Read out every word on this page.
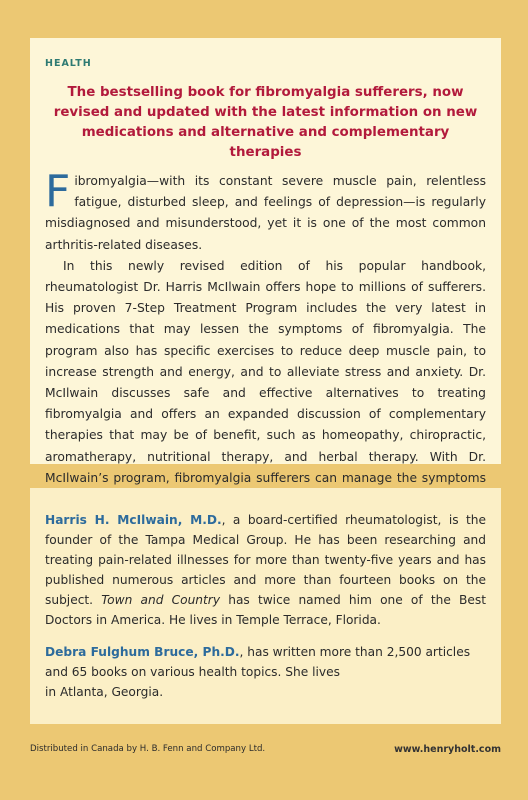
HEALTH
The bestselling book for fibromyalgia sufferers, now revised and updated with the latest information on new medications and alternative and complementary therapies

Fibromyalgia—with its constant severe muscle pain, relentless fatigue, disturbed sleep, and feelings of depression—is regularly misdiagnosed and misunderstood, yet it is one of the most common arthritis-related diseases.

In this newly revised edition of his popular handbook, rheumatologist Dr. Harris McIlwain offers hope to millions of sufferers. His proven 7-Step Treatment Program includes the very latest in medications that may lessen the symptoms of fibromyalgia. The program also has specific exercises to reduce deep muscle pain, to increase strength and energy, and to alleviate stress and anxiety. Dr. McIlwain discusses safe and effective alternatives to treating fibromyalgia and offers an expanded discussion of complementary therapies that may be of benefit, such as homeopathy, chiropractic, aromatherapy, nutritional therapy, and herbal therapy. With Dr. McIlwain’s program, fibromyalgia sufferers can manage the symptoms

Harris H. McIlwain, M.D., a board-certified rheumatologist, is the founder of the Tampa Medical Group. He has been researching and treating pain-related illnesses for more than twenty-five years and has published numerous articles and more than fourteen books on the subject. Town and Country has twice named him one of the Best Doctors in America. He lives in Temple Terrace, Florida.

Debra Fulghum Bruce, Ph.D., has written more than 2,500 articles and 65 books on various health topics. She lives
in Atlanta, Georgia.

Distributed in Canada by H. B. Fenn and Company Ltd.	www.henryholt.com
